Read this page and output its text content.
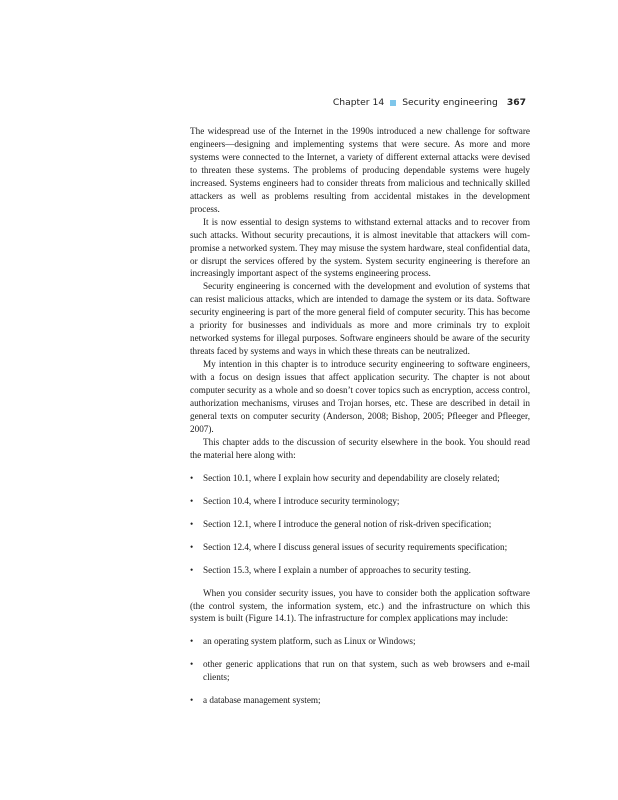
Chapter 14 Security engineering 367

The widespread use of the Internet in the 1990s introduced a new challenge for software engineers—designing and implementing systems that were secure. As more and more systems were connected to the Internet, a variety of different external attacks were devised to threaten these systems. The problems of producing dependable systems were hugely increased. Systems engineers had to consider threats from malicious and technically skilled attackers as well as problems resulting from accidental mistakes in the development process.

It is now essential to design systems to withstand external attacks and to recover from such attacks. Without security precautions, it is almost inevitable that attackers will compromise a networked system. They may misuse the system hardware, steal confidential data, or disrupt the services offered by the system. System security engineering is therefore an increasingly important aspect of the systems engineering process.

Security engineering is concerned with the development and evolution of systems that can resist malicious attacks, which are intended to damage the system or its data. Software security engineering is part of the more general field of computer security. This has become a priority for businesses and individuals as more and more criminals try to exploit networked systems for illegal purposes. Software engineers should be aware of the security threats faced by systems and ways in which these threats can be neutralized.

My intention in this chapter is to introduce security engineering to software engineers, with a focus on design issues that affect application security. The chapter is not about computer security as a whole and so doesn’t cover topics such as encryption, access control, authorization mechanisms, viruses and Trojan horses, etc. These are described in detail in general texts on computer security (Anderson, 2008; Bishop, 2005; Pfleeger and Pfleeger, 2007).

This chapter adds to the discussion of security elsewhere in the book. You should read the material here along with:

• Section 10.1, where I explain how security and dependability are closely related;
• Section 10.4, where I introduce security terminology;
• Section 12.1, where I introduce the general notion of risk-driven specification;
• Section 12.4, where I discuss general issues of security requirements specification;
• Section 15.3, where I explain a number of approaches to security testing.

When you consider security issues, you have to consider both the application software (the control system, the information system, etc.) and the infrastructure on which this system is built (Figure 14.1). The infrastructure for complex applications may include:

• an operating system platform, such as Linux or Windows;
• other generic applications that run on that system, such as web browsers and e-mail clients;
• a database management system;
